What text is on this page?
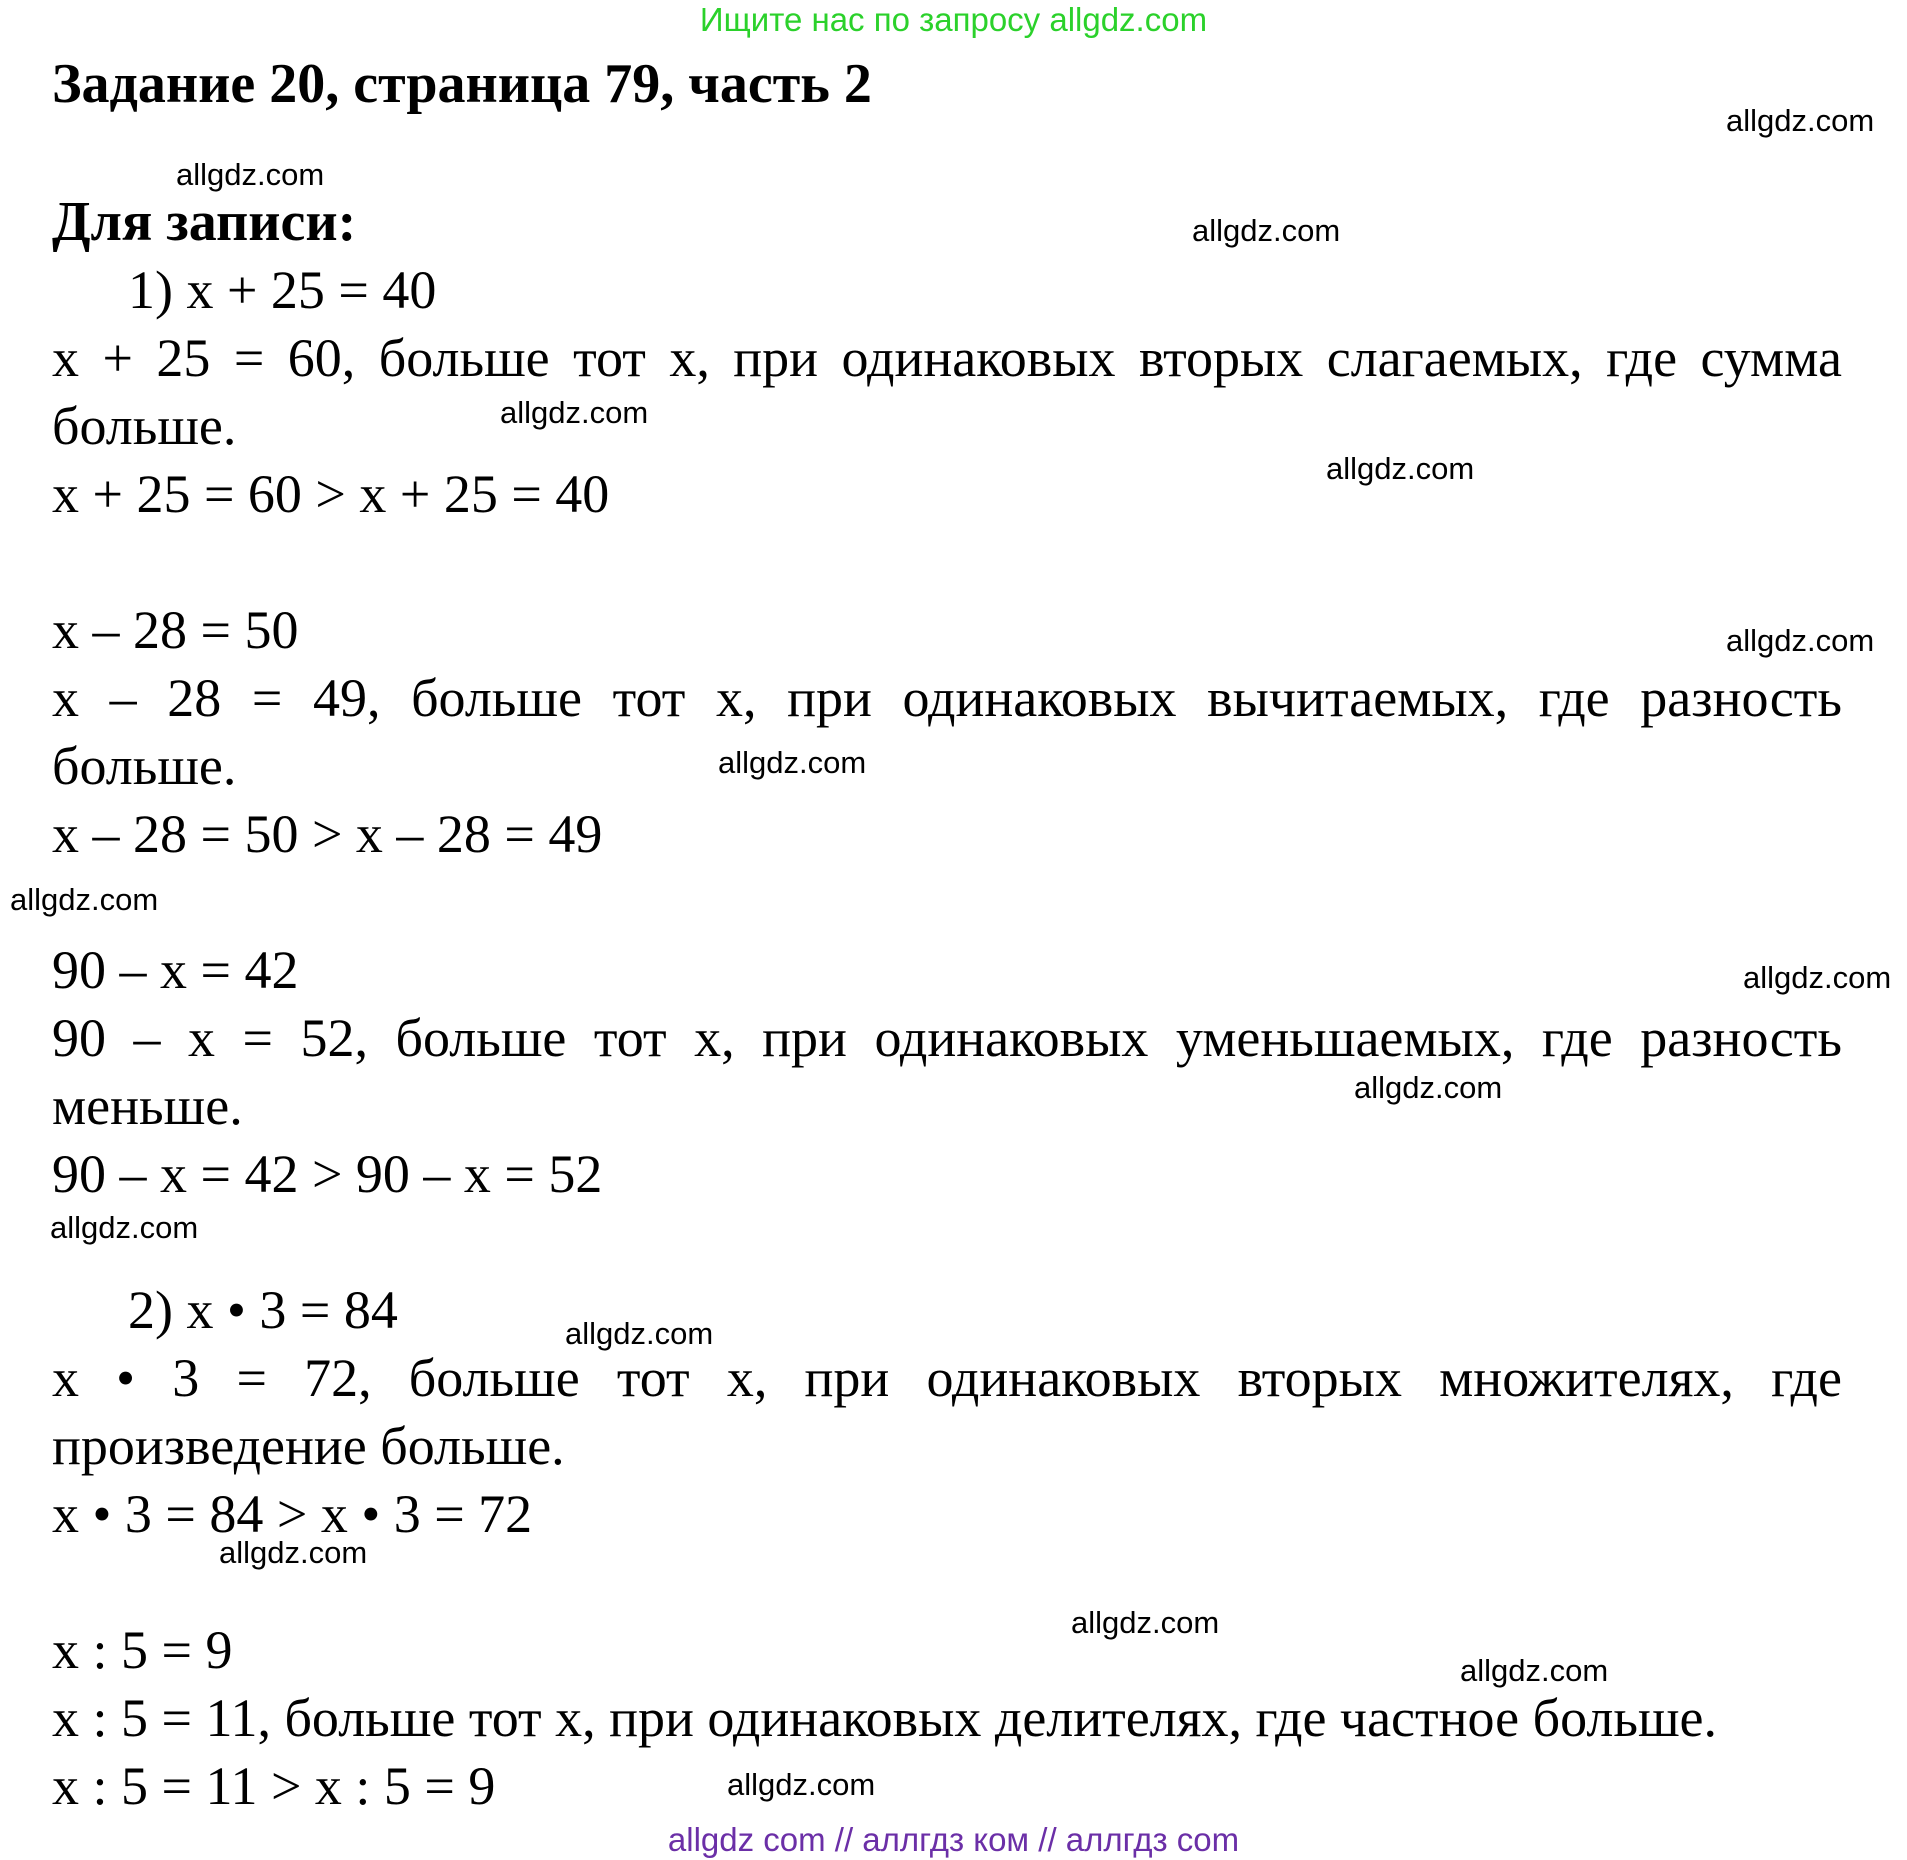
Ищите нас по запросу allgdz.com
Задание 20, страница 79, часть 2
Для записи:
1) x + 25 = 40
x + 25 = 60, больше тот x, при одинаковых вторых слагаемых, где сумма
больше.
x + 25 = 60 > x + 25 = 40
x – 28 = 50
x – 28 = 49, больше тот x, при одинаковых вычитаемых, где разность
больше.
x – 28 = 50 > x – 28 = 49
90 – x = 42
90 – x = 52, больше тот x, при одинаковых уменьшаемых, где разность
меньше.
90 – x = 42 > 90 – x = 52
2) x • 3 = 84
x • 3 = 72, больше тот x, при одинаковых вторых множителях, где
произведение больше.
x • 3 = 84 > x • 3 = 72
x : 5 = 9
x : 5 = 11, больше тот x, при одинаковых делителях, где частное больше.
x : 5 = 11 > x : 5 = 9
allgdz.com
allgdz.com
allgdz.com
allgdz.com
allgdz.com
allgdz.com
allgdz.com
allgdz.com
allgdz.com
allgdz.com
allgdz.com
allgdz.com
allgdz.com
allgdz.com
allgdz.com
allgdz.com
allgdz com // аллгдз ком // аллгдз com
